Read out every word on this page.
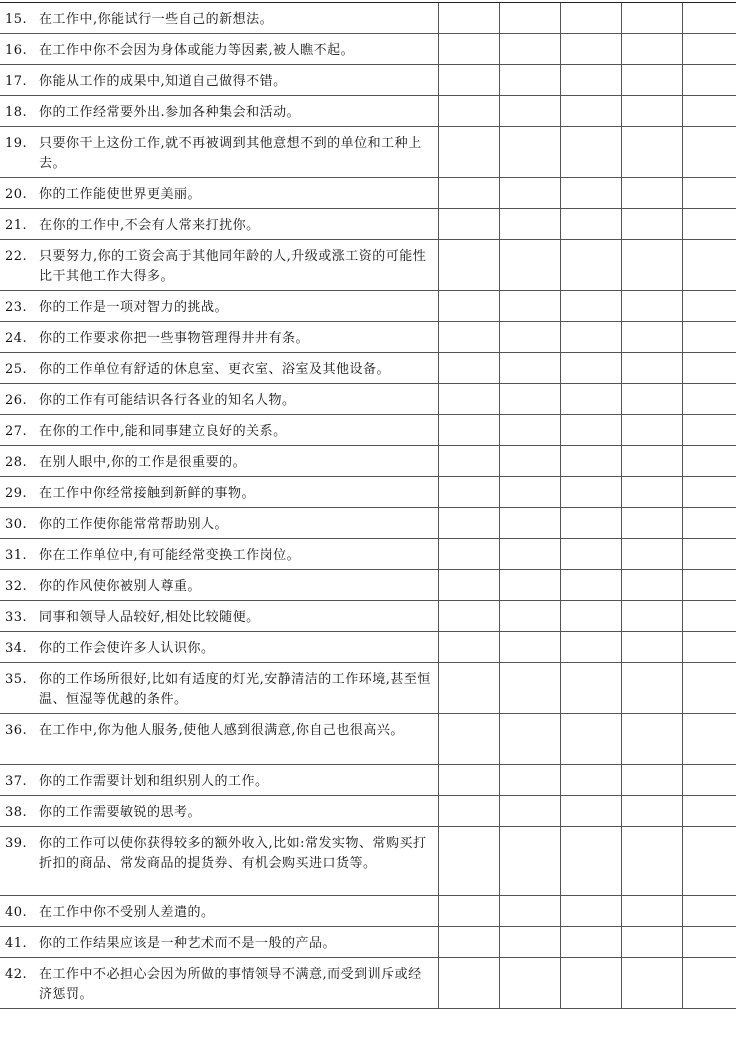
15. 在工作中,你能试行一些自己的新想法。					

16. 在工作中你不会因为身体或能力等因素,被人瞧不起。					

17. 你能从工作的成果中,知道自己做得不错。					

18. 你的工作经常要外出.参加各种集会和活动。					

19. 只要你干上这份工作,就不再被调到其他意想不到的单位和工种上去。					

20. 你的工作能使世界更美丽。					

21. 在你的工作中,不会有人常来打扰你。					

22. 只要努力,你的工资会高于其他同年龄的人,升级或涨工资的可能性比干其他工作大得多。					

23. 你的工作是一项对智力的挑战。					

24. 你的工作要求你把一些事物管理得井井有条。					

25. 你的工作单位有舒适的休息室、更衣室、浴室及其他设备。					

26. 你的工作有可能结识各行各业的知名人物。					

27. 在你的工作中,能和同事建立良好的关系。					

28. 在别人眼中,你的工作是很重要的。					

29. 在工作中你经常接触到新鲜的事物。					

30. 你的工作使你能常常帮助别人。					

31. 你在工作单位中,有可能经常变换工作岗位。					

32. 你的作风使你被别人尊重。					

33. 同事和领导人品较好,相处比较随便。					

34. 你的工作会使许多人认识你。					

35. 你的工作场所很好,比如有适度的灯光,安静清洁的工作环境,甚至恒温、恒湿等优越的条件。					

36. 在工作中,你为他人服务,使他人感到很满意,你自己也很高兴。					

37. 你的工作需要计划和组织别人的工作。					

38. 你的工作需要敏锐的思考。					

39. 你的工作可以使你获得较多的额外收入,比如:常发实物、常购买打折扣的商品、常发商品的提货券、有机会购买进口货等。					

40. 在工作中你不受别人差遣的。					

41. 你的工作结果应该是一种艺术而不是一般的产品。					

42. 在工作中不必担心会因为所做的事情领导不满意,而受到训斥或经济惩罚。					
